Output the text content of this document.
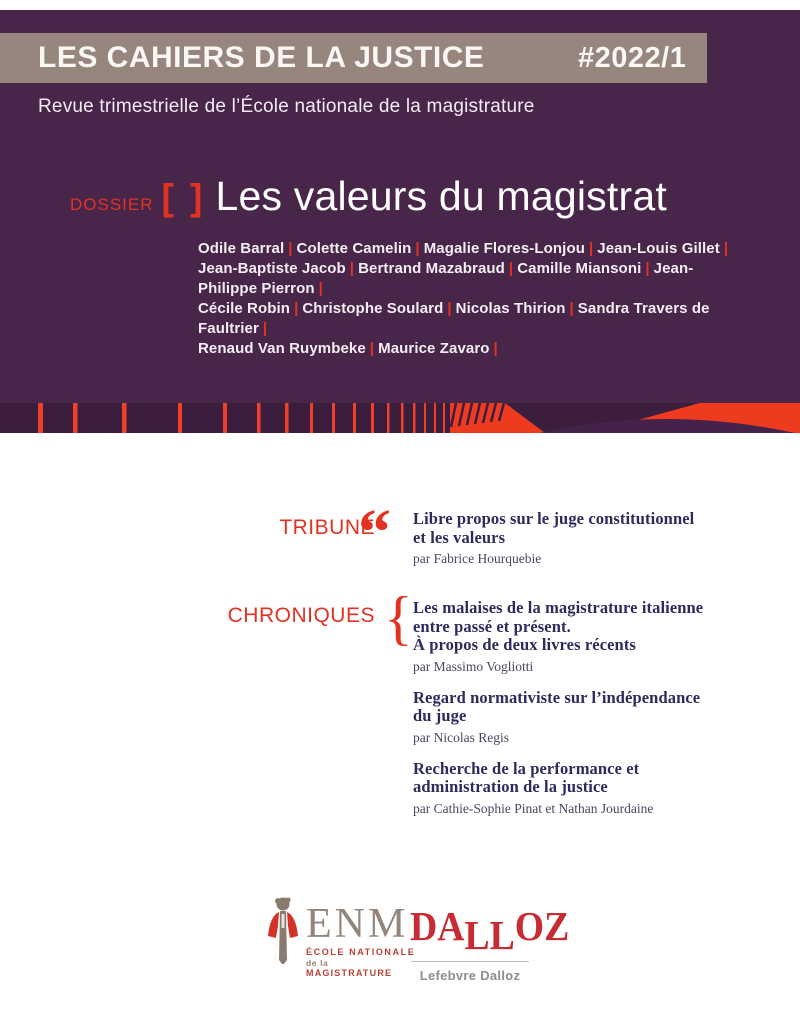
LES CAHIERS DE LA JUSTICE	#2022/1
Revue trimestrielle de l’École nationale de la magistrature
DOSSIER [ ] Les valeurs du magistrat
Odile Barral | Colette Camelin | Magalie Flores-Lonjou | Jean-Louis Gillet |
Jean-Baptiste Jacob | Bertrand Mazabraud | Camille Miansoni | Jean-Philippe Pierron |
Cécile Robin | Christophe Soulard | Nicolas Thirion | Sandra Travers de Faultrier |
Renaud Van Ruymbeke | Maurice Zavaro |
TRIBUNE
“ Libre propos sur le juge constitutionnel
et les valeurs
par Fabrice Hourquebie
CHRONIQUES { Les malaises de la magistrature italienne
entre passé et présent.
À propos de deux livres récents
par Massimo Vogliotti
Regard normativiste sur l’indépendance
du juge
par Nicolas Regis
Recherche de la performance et
administration de la justice
par Cathie-Sophie Pinat et Nathan Jourdaine
ENM
ÉCOLE NATIONALE
de la MAGISTRATURE
DALLOZ
Lefebvre Dalloz
